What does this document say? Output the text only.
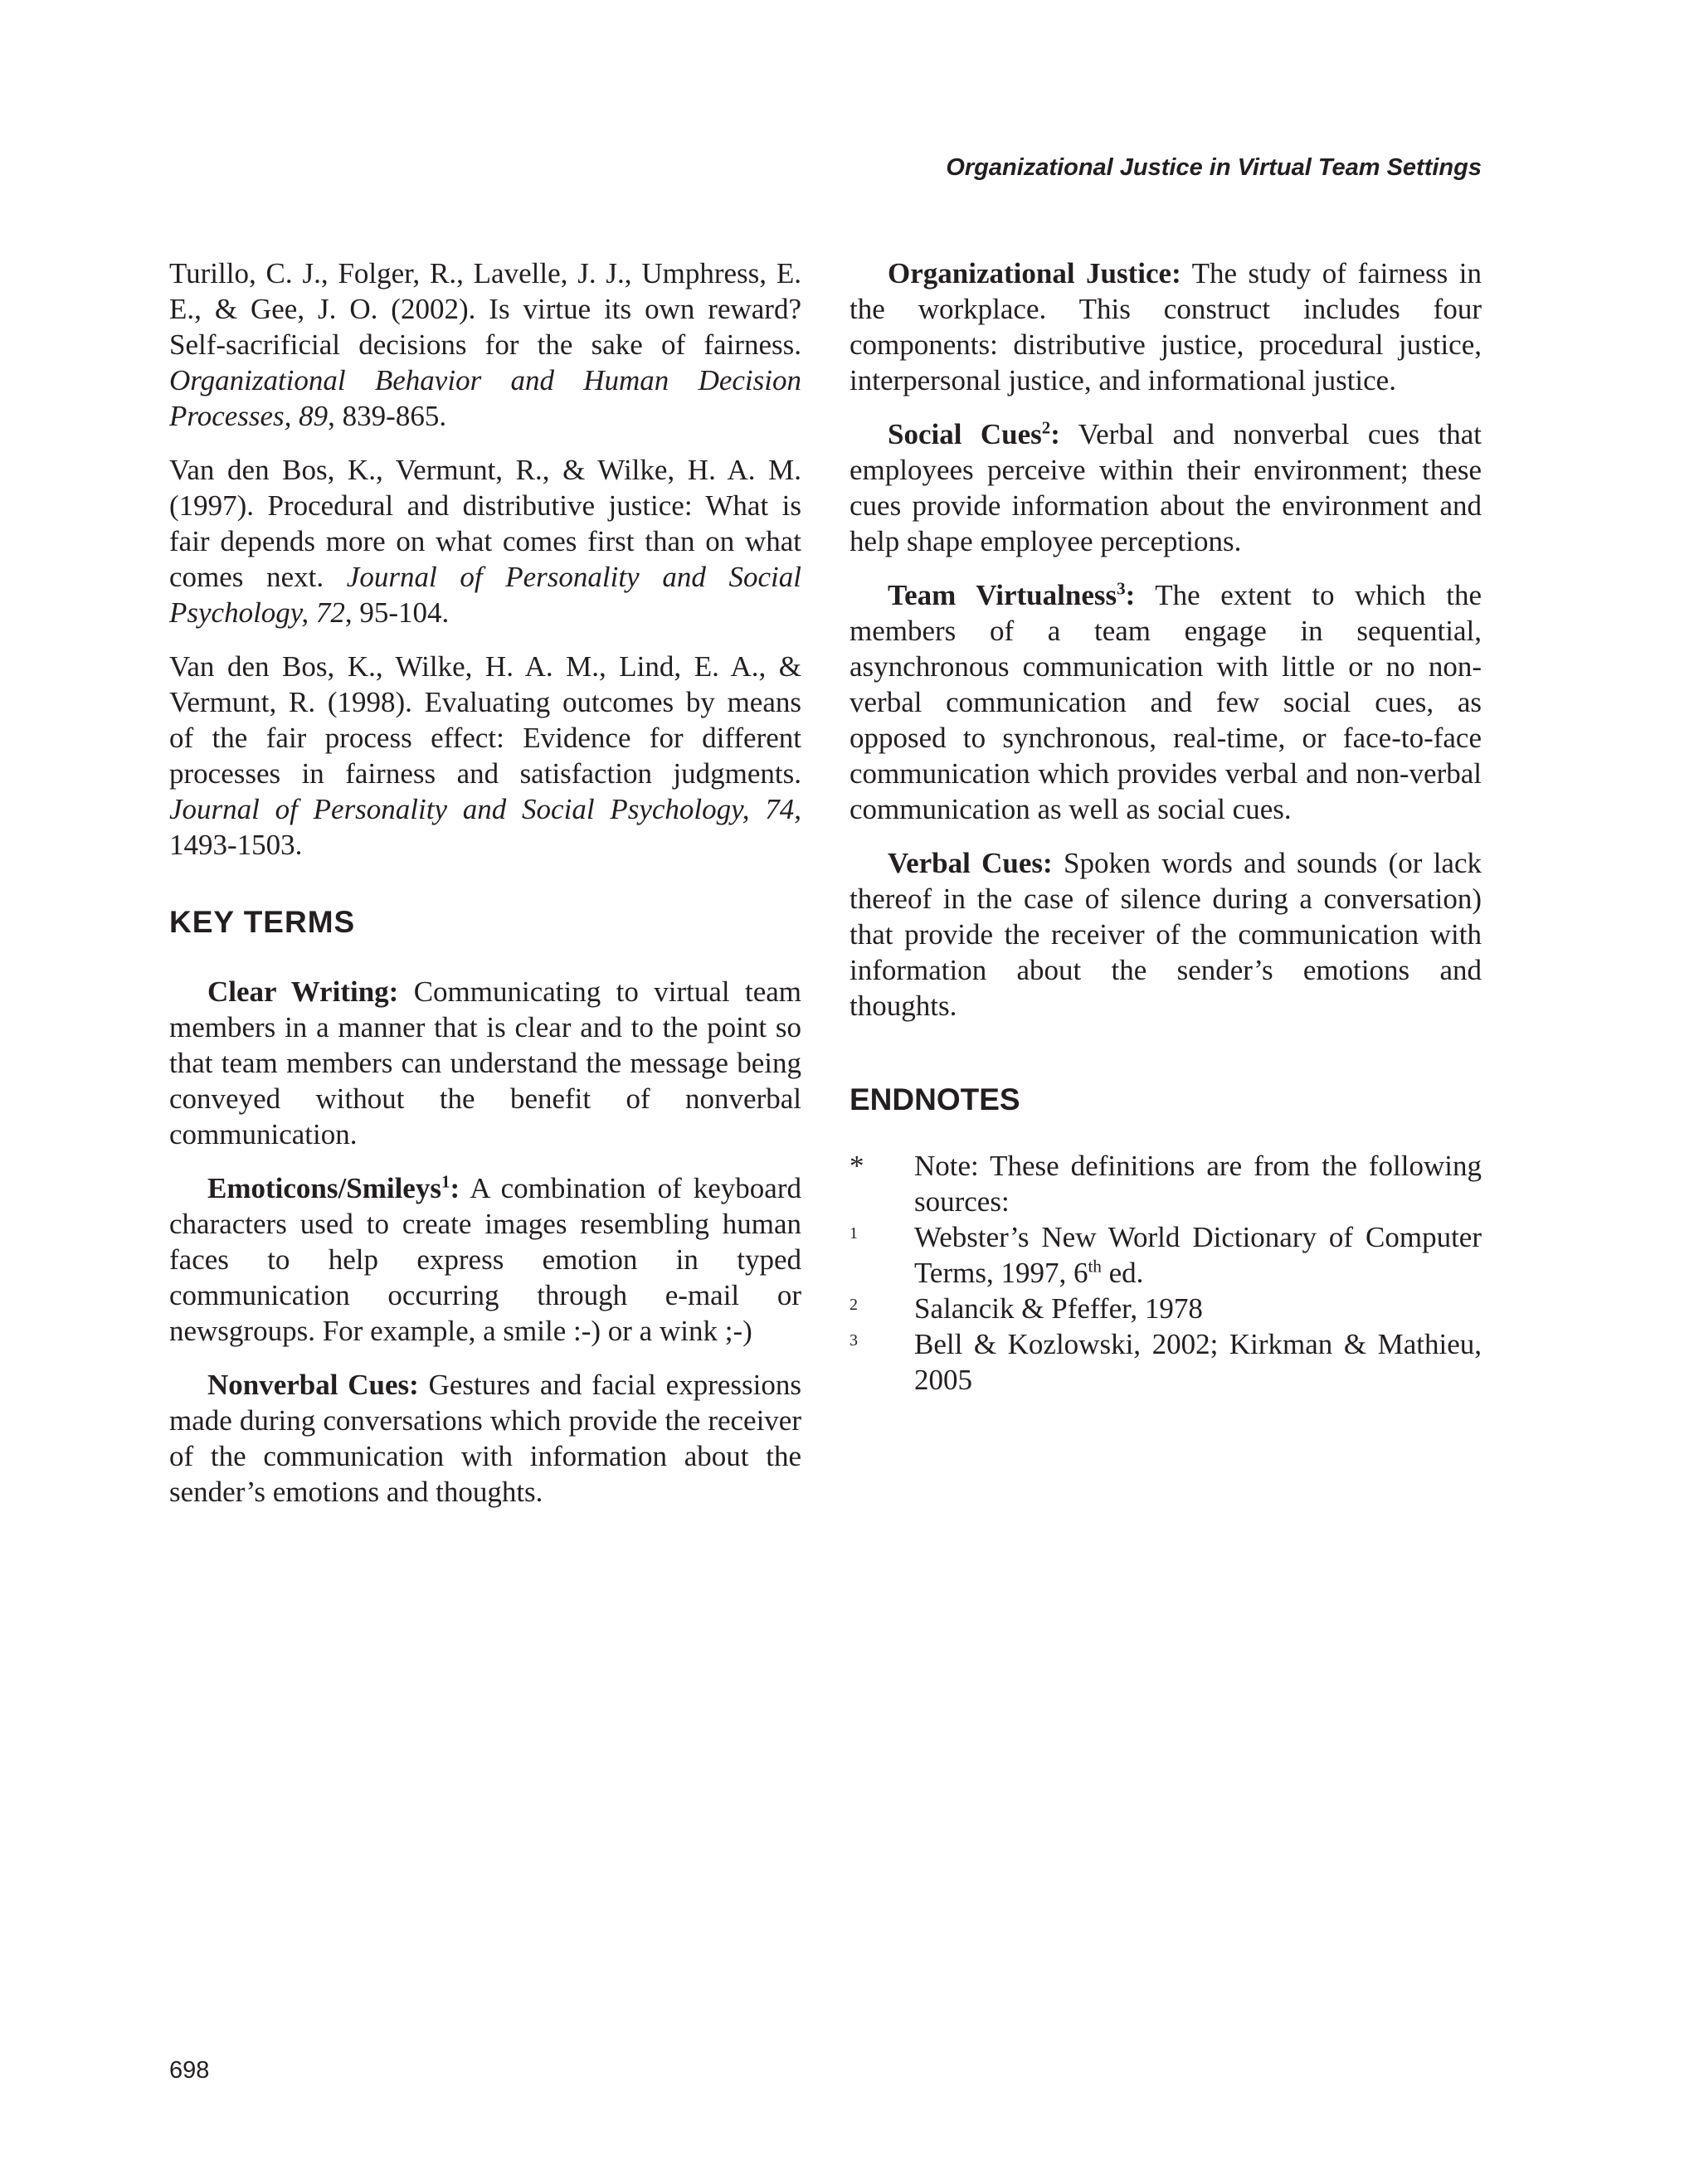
Organizational Justice in Virtual Team Settings

Turillo, C. J., Folger, R., Lavelle, J. J., Umphress, E. E., & Gee, J. O. (2002). Is virtue its own reward? Self-sacrificial decisions for the sake of fairness. Organizational Behavior and Human Decision Processes, 89, 839-865.

Van den Bos, K., Vermunt, R., & Wilke, H. A. M. (1997). Procedural and distributive justice: What is fair depends more on what comes first than on what comes next. Journal of Personality and Social Psychology, 72, 95-104.

Van den Bos, K., Wilke, H. A. M., Lind, E. A., & Vermunt, R. (1998). Evaluating outcomes by means of the fair process effect: Evidence for different processes in fairness and satisfaction judgments. Journal of Personality and Social Psychology, 74, 1493-1503.

KEY TERMS

Clear Writing: Communicating to virtual team members in a manner that is clear and to the point so that team members can understand the message being conveyed without the benefit of nonverbal communication.

Emoticons/Smileys$^1$: A combination of keyboard characters used to create images resembling human faces to help express emotion in typed communication occurring through e-mail or newsgroups. For example, a smile :-) or a wink ;-)

Nonverbal Cues: Gestures and facial expressions made during conversations which provide the receiver of the communication with information about the sender’s emotions and thoughts.

Organizational Justice: The study of fairness in the workplace. This construct includes four components: distributive justice, procedural justice, interpersonal justice, and informational justice.

Social Cues$^2$: Verbal and nonverbal cues that employees perceive within their environment; these cues provide information about the environment and help shape employee perceptions.

Team Virtualness$^3$: The extent to which the members of a team engage in sequential, asynchronous communication with little or no non-verbal communication and few social cues, as opposed to synchronous, real-time, or face-to-face communication which provides verbal and non-verbal communication as well as social cues.

Verbal Cues: Spoken words and sounds (or lack thereof in the case of silence during a conversation) that provide the receiver of the communication with information about the sender’s emotions and thoughts.

ENDNOTES
*	Note: These definitions are from the following sources:
1	Webster’s New World Dictionary of Computer Terms, 1997, 6th ed.
2	Salancik & Pfeffer, 1978
3	Bell & Kozlowski, 2002; Kirkman & Mathieu, 2005
698
